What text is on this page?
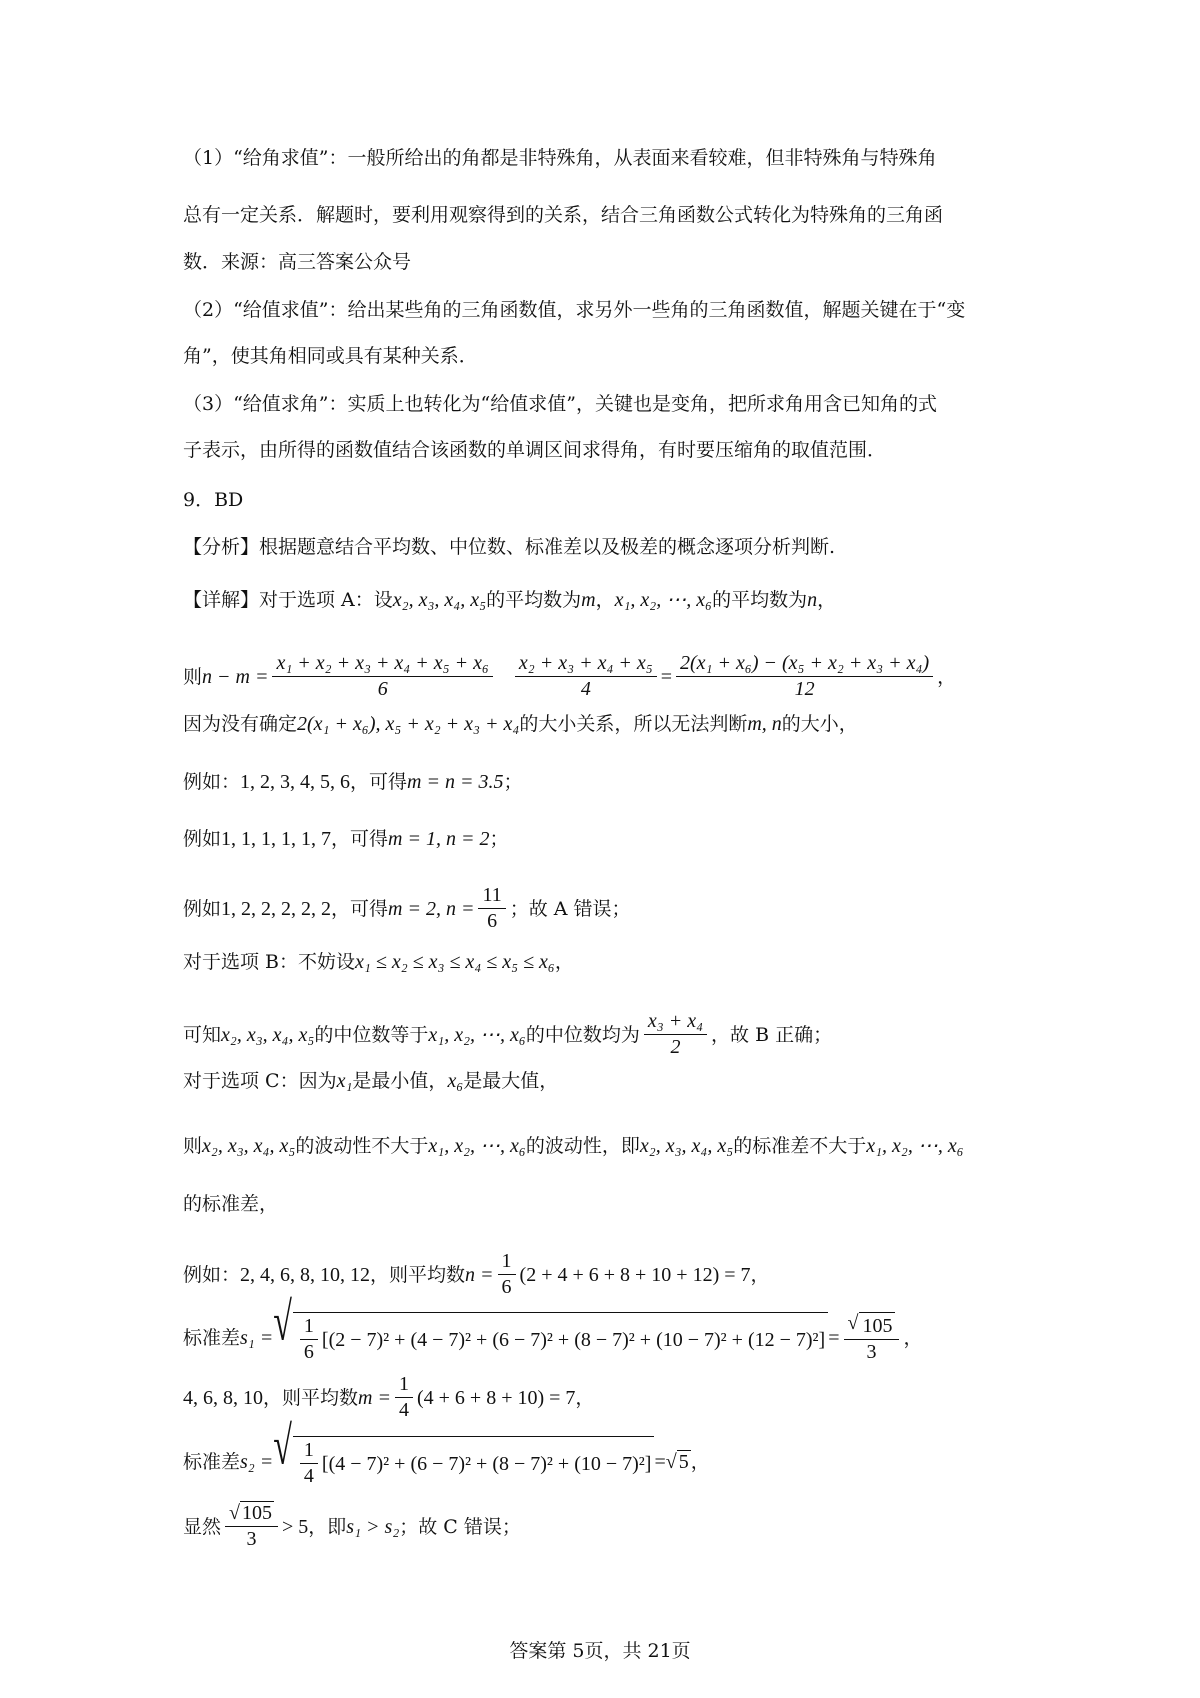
（1）“给角求值”：一般所给出的角都是非特殊角，从表面来看较难，但非特殊角与特殊角
总有一定关系．解题时，要利用观察得到的关系，结合三角函数公式转化为特殊角的三角函
数．来源：高三答案公众号
（2）“给值求值”：给出某些角的三角函数值，求另外一些角的三角函数值，解题关键在于“变
角”，使其角相同或具有某种关系．
（3）“给值求角”：实质上也转化为“给值求值”，关键也是变角，把所求角用含已知角的式
子表示，由所得的函数值结合该函数的单调区间求得角，有时要压缩角的取值范围．
9．BD
【分析】根据题意结合平均数、中位数、标准差以及极差的概念逐项分析判断.
【详解】对于选项 A：设 x₂, x₃, x₄, x₅ 的平均数为 m ， x₁, x₂, ⋯, x₆ 的平均数为 n ，
则 $n - m = \frac{\text{x₁ + x₂ + x₃ + x₄ + x₅ + x₆}}{6} \frac{\text{x₂ + x₃ + x₄ + x₅}}{4} = \frac{\text{2(x₁ + x₆) − (x₅ + x₂ + x₃ + x₄)}}{12}$ ，
因为没有确定 2(x₁ + x₆), x₅ + x₂ + x₃ + x₄ 的大小关系，所以无法判断 m, n 的大小，
例如： 1, 2, 3, 4, 5, 6 ，可得 m = n = 3.5 ；
例如 1, 1, 1, 1, 1, 7 ，可得 m = 1, n = 2 ；
例如 1, 2, 2, 2, 2, 2 ，可得 m = 2, $n = \frac{11}{6}$ ；故 A 错误；
对于选项 B：不妨设 x₁ ≤ x₂ ≤ x₃ ≤ x₄ ≤ x₅ ≤ x₆ ，
可知 x₂, x₃, x₄, x₅ 的中位数等于 x₁, x₂, ⋯, x₆ 的中位数均为 $\frac{\text{x₃ + x₄}}{2}$ ，故 B 正确；
对于选项 C：因为 x₁ 是最小值， x₆ 是最大值，
则 x₂, x₃, x₄, x₅ 的波动性不大于 x₁, x₂, ⋯, x₆ 的波动性，即 x₂, x₃, x₄, x₅ 的标准差不大于 x₁, x₂, ⋯, x₆
的标准差，
例如： 2, 4, 6, 8, 10, 12 ，则平均数 $n = \frac{1}{6} (2 + 4 + 6 + 8 + 10 + 12) = 7$ ，
标准差 s₁ = √ $\frac{1}{6} [(2 - 7)^2 + (4 - 7)^2 + (6 - 7)^2 + (8 - 7)^2 + (10 - 7)^2 + (12 - 7)^2] = \frac{√ 105}{3}$ ，
4, 6, 8, 10 ，则平均数 $m = \frac{1}{4} (4 + 6 + 8 + 10) = 7$ ，
标准差 s₂ = √ $\frac{1}{4} [(4 - 7)^2 + (6 - 7)^2 + (8 - 7)^2 + (10 - 7)^2]$ = √ 5 ，
显然 $\frac{√ 105}{3} > 5$ ，即 s₁ > s₂ ；故 C 错误；
答案第 5页，共 21页
